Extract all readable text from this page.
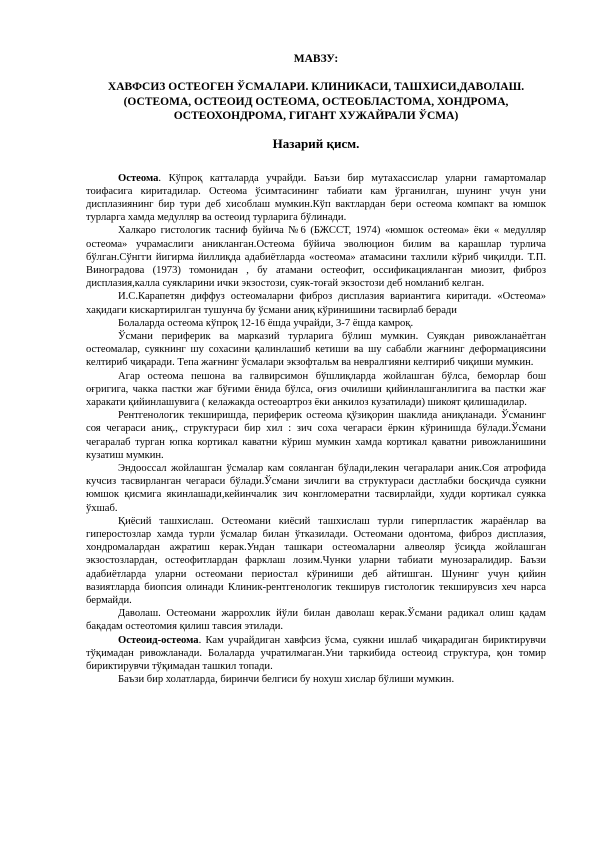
МАВЗУ:
ХАВФСИЗ ОСТЕОГЕН ЎСМАЛАРИ. КЛИНИКАСИ, ТАШХИСИ,ДАВОЛАШ.
(ОСТЕОМА, ОСТЕОИД ОСТЕОМА, ОСТЕОБЛАСТОМА, ХОНДРОМА,
ОСТЕОХОНДРОМА, ГИГАНТ ХУЖАЙРАЛИ ЎСМА)
Назарий қисм.

Остеома. Кўпроқ катталарда учрайди. Баъзи бир мутахассислар уларни гамартомалар тоифасига киритадилар. Остеома ўсимтасининг табиати кам ўрганилган, шунинг учун уни дисплазиянинг бир тури деб хисоблаш мумкин.Кўп вактлардан бери остеома компакт ва юмшок турларга хамда медулляр ва остеоид турларига бўлинади.

Халкаро гистологик тасниф буйича №6 (БЖССТ, 1974) «юмшок остеома» ёки « медулляр остеома» учрамаслиги аникланган.Остеома бўйича эволюцион билим ва карашлар турлича бўлган.Сўнгги йигирма йиллиқда адабиётларда «остеома» атамасини тахлили кўриб чиқилди. Т.П. Виноградова (1973) томонидан , бу атамани остеофит, оссификацияланган миозит, фиброз дисплазия,калла суякларини ички экзостози, суяк-тоғай экзостози деб номланиб келган.

И.С.Карапетян диффуз остеомаларни фиброз дисплазия вариантига киритади. «Остеома» хақидаги кискартирилган тушунча бу ўсмани аниқ кўринишини тасвирлаб беради

Болаларда остеома кўпроқ 12-16 ёшда учрайди, 3-7 ёшда камроқ.

Ўсмани периферик ва марказий турларига бўлиш мумкин. Суякдан ривожланаётган остеомалар, суякнинг шу сохасини қалинлашиб кетиши ва шу сабабли жағнинг деформациясини келтириб чиқаради. Тепа жағнинг ўсмалари экзофтальм ва невралгияни келтириб чиқиши мумкин.

Агар остеома пешона ва галвирсимон бўшлиқларда жойлашган бўлса, беморлар бош оғригига, чакка пастки жағ бўғими ёнида бўлса, оғиз очилиши қийинлашганлигига ва пастки жағ харакати қийинлашувига ( келажакда остеоартроз ёки анкилоз кузатилади) шикоят қилишадилар.

Рентгенологик текширишда, периферик остеома қўзиқорин шаклида аниқланади. Ўсманинг соя чегараси аниқ., структураси бир хил : зич соха чегараси ёркин кўринишда бўлади.Ўсмани чегаралаб турган юпка кортикал каватни кўриш мумкин хамда кортикал қаватни ривожланишини кузатиш мумкин.

Эндооссал жойлашган ўсмалар кам сояланган бўлади,лекин чегаралари аник.Соя атрофида кучсиз тасвирланган чегараси бўлади.Ўсмани зичлиги ва структураси дастлабки босқичда суякни юмшок қисмига якинлашади,кейинчалик зич конгломератни тасвирлайди, худди кортикал суякка ўхшаб.

Қиёсий ташхислаш. Остеомани киёсий ташхислаш турли гиперпластик жараёнлар ва гиперостозлар хамда турли ўсмалар билан ўтказилади. Остеомани одонтома, фиброз дисплазия, хондромалардан ажратиш керак.Ундан ташкари остеомаларни алвеоляр ўсиқда жойлашган экзостозлардан, остеофитлардан фарклаш лозим.Чунки уларни табиати мунозаралидир. Баъзи адабиётларда уларни остеомани периостал кўриниши деб айтишган. Шунинг учун қийин вазиятларда биопсия олинади Клиник-рентгенологик текширув гистологик текширувсиз хеч нарса бермайди.

Даволаш. Остеомани жаррохлик йўли билан даволаш керак.Ўсмани радикал олиш қадам бақадам остеотомия қилиш тавсия этилади.

Остеоид-остеома. Кам учрайдиган хавфсиз ўсма, суякни ишлаб чиқарадиган бириктирувчи тўқимадан ривожланади. Болаларда учратилмаган.Уни таркибида остеоид структура, қон томир бириктирувчи тўқимадан ташкил топади.

Баъзи бир холатларда, биринчи белгиси бу нохуш хислар бўлиши мумкин.
